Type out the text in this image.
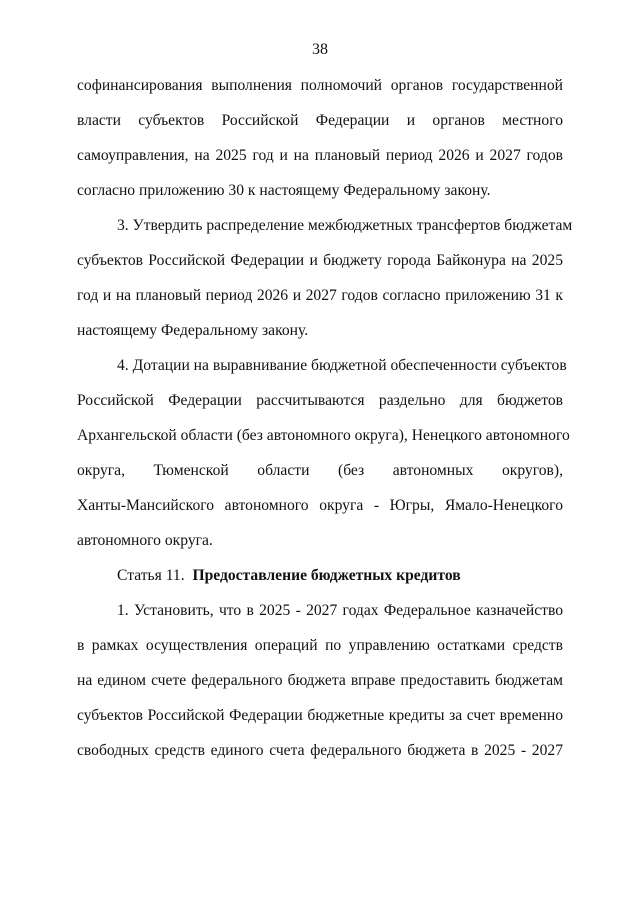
38
софинансирования выполнения полномочий органов государственной
власти субъектов Российской Федерации и органов местного
самоуправления, на 2025 год и на плановый период 2026 и 2027 годов
согласно приложению 30 к настоящему Федеральному закону.
3. Утвердить распределение межбюджетных трансфертов бюджетам
субъектов Российской Федерации и бюджету города Байконура на 2025
год и на плановый период 2026 и 2027 годов согласно приложению 31 к
настоящему Федеральному закону.
4. Дотации на выравнивание бюджетной обеспеченности субъектов
Российской Федерации рассчитываются раздельно для бюджетов
Архангельской области (без автономного округа), Ненецкого автономного
округа, Тюменской области (без автономных округов),
Ханты-Мансийского автономного округа - Югры, Ямало-Ненецкого
автономного округа.
Статья 11. Предоставление бюджетных кредитов
1. Установить, что в 2025 - 2027 годах Федеральное казначейство
в рамках осуществления операций по управлению остатками средств
на едином счете федерального бюджета вправе предоставить бюджетам
субъектов Российской Федерации бюджетные кредиты за счет временно
свободных средств единого счета федерального бюджета в 2025 - 2027
